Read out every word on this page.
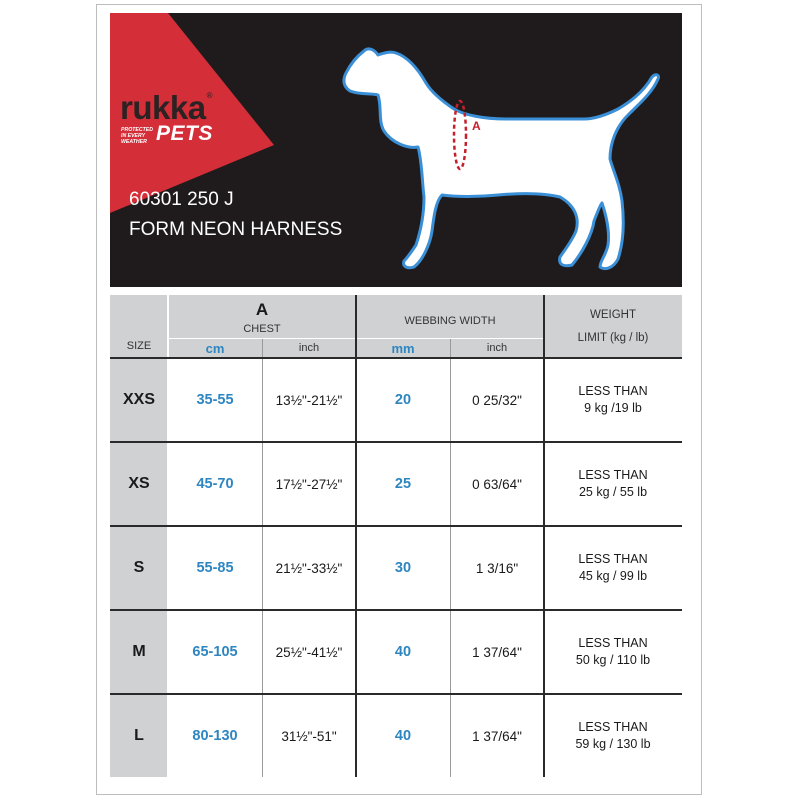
rukka®
PROTECTED
IN EVERY
WEATHER PETS
60301 250 J
FORM NEON HARNESS
A
SIZE
A
CHEST
WEBBING WIDTH	WEIGHT
LIMIT (kg / lb)
cm	inch	mm	inch
XXS	35-55	13½"-21½"	20	0 25/32"
LESS THAN
9 kg /19 lb
XS	45-70	17½"-27½"	25	0 63/64"
LESS THAN
25 kg / 55 lb
S	55-85	21½"-33½"	30	1 3/16"
LESS THAN
45 kg / 99 lb
M	65-105	25½"-41½"	40	1 37/64"
LESS THAN
50 kg / 110 lb
L	80-130	31½"-51"	40	1 37/64"
LESS THAN
59 kg / 130 lb
